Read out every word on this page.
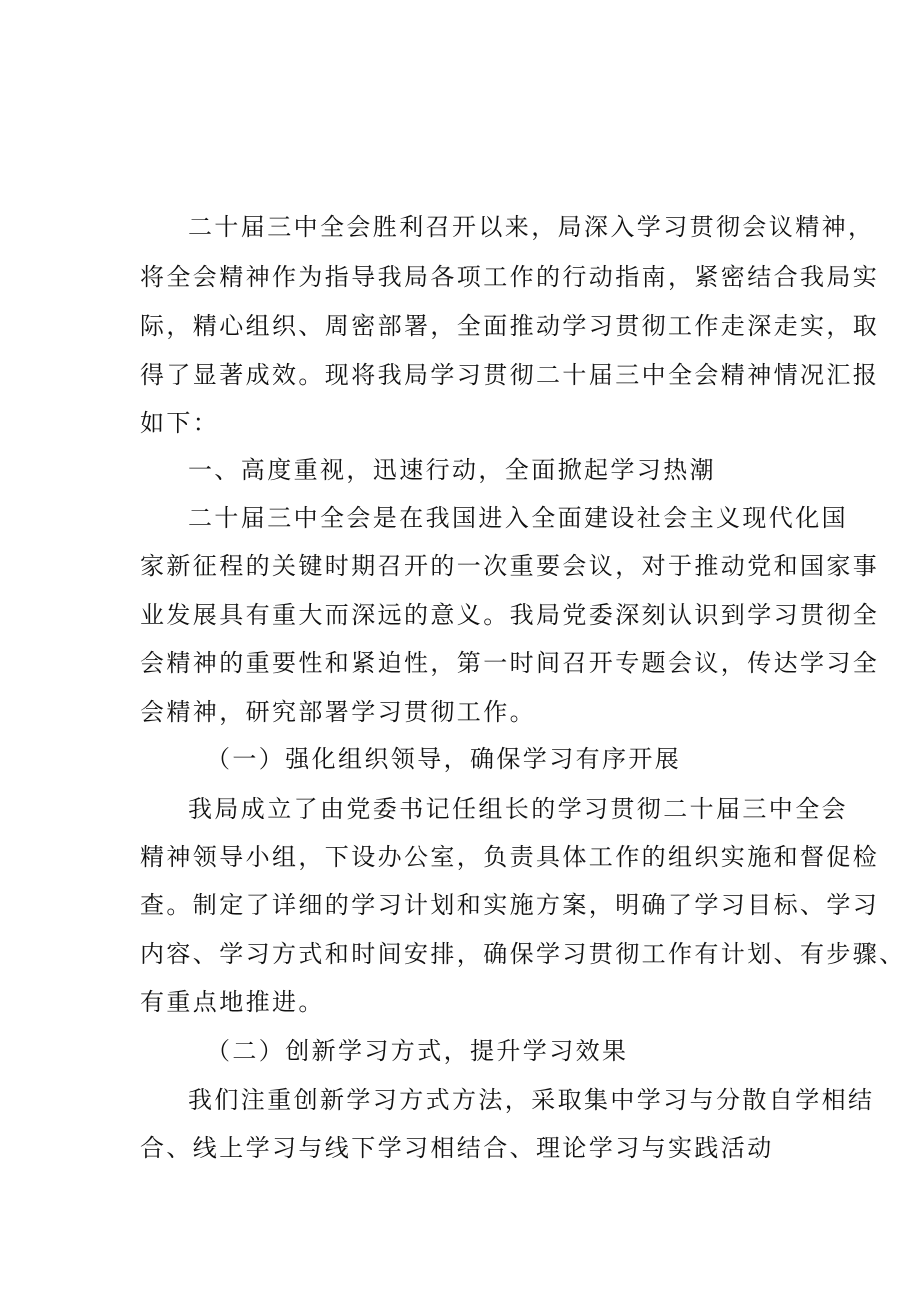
二十届三中全会胜利召开以来，局深入学习贯彻会议精神，
将全会精神作为指导我局各项工作的行动指南，紧密结合我局实
际，精心组织、周密部署，全面推动学习贯彻工作走深走实，取
得了显著成效。现将我局学习贯彻二十届三中全会精神情况汇报
如下：
一、高度重视，迅速行动，全面掀起学习热潮
二十届三中全会是在我国进入全面建设社会主义现代化国
家新征程的关键时期召开的一次重要会议，对于推动党和国家事
业发展具有重大而深远的意义。我局党委深刻认识到学习贯彻全
会精神的重要性和紧迫性，第一时间召开专题会议，传达学习全
会精神，研究部署学习贯彻工作。
（一）强化组织领导，确保学习有序开展
我局成立了由党委书记任组长的学习贯彻二十届三中全会
精神领导小组，下设办公室，负责具体工作的组织实施和督促检
查。制定了详细的学习计划和实施方案，明确了学习目标、学习
内容、学习方式和时间安排，确保学习贯彻工作有计划、有步骤、
有重点地推进。
（二）创新学习方式，提升学习效果
我们注重创新学习方式方法，采取集中学习与分散自学相结
合、线上学习与线下学习相结合、理论学习与实践活动
